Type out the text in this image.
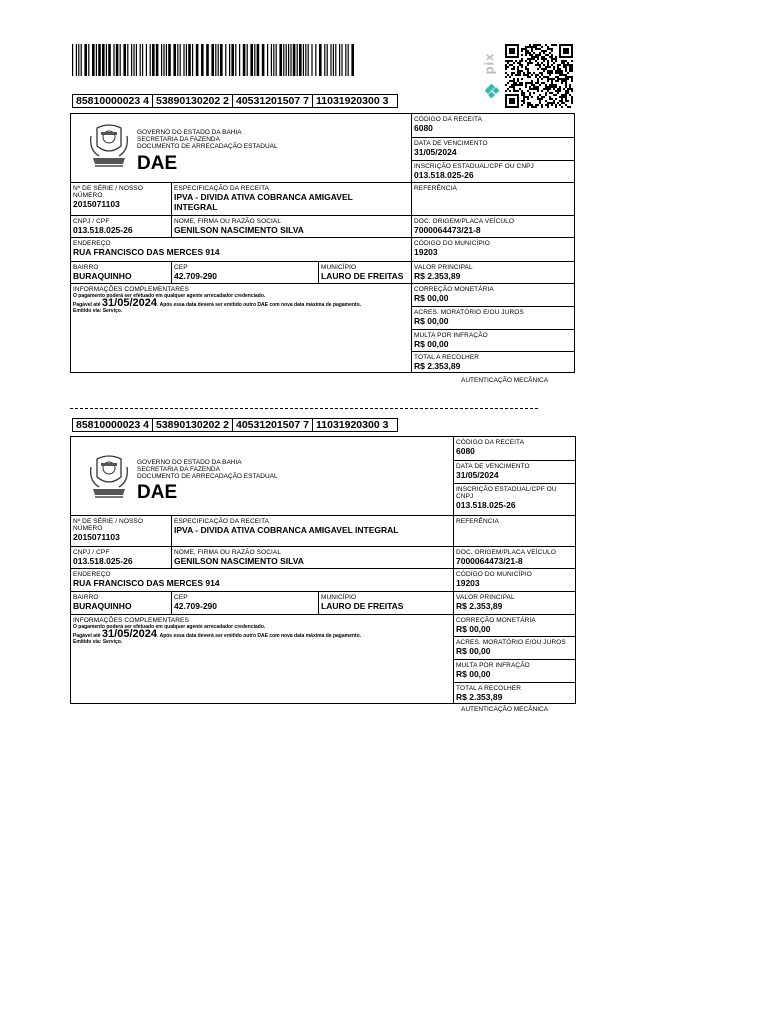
pix
85810000023 4 53890130202 2 40531201507 7 11031920300 3
GOVERNO DO ESTADO DA BAHIA
SECRETARIA DA FAZENDA
DOCUMENTO DE ARRECADAÇÃO ESTADUAL
DAE
CÓDIGO DA RECEITA
6080
DATA DE VENCIMENTO
31/05/2024
INSCRIÇÃO ESTADUAL/CPF OU CNPJ
013.518.025-26
Nº DE SÉRIE / NOSSO NÚMERO
2015071103
ESPECIFICAÇÃO DA RECEITA
IPVA - DIVIDA ATIVA COBRANCA AMIGAVEL INTEGRAL
REFERÊNCIA
CNPJ / CPF
013.518.025-26
NOME, FIRMA OU RAZÃO SOCIAL
GENILSON NASCIMENTO SILVA
DOC. ORIGEM/PLACA VEÍCULO
7000064473/21-8
ENDEREÇO
RUA FRANCISCO DAS MERCES 914
CÓDIGO DO MUNICÍPIO
19203
BAIRRO
BURAQUINHO
CEP
42.709-290
MUNICÍPIO
LAURO DE FREITAS
VALOR PRINCIPAL
R$ 2.353,89
INFORMAÇÕES COMPLEMENTARES
O pagamento poderá ser efetuado em qualquer agente arrecadador credenciado.
Pagável até 31/05/2024. Após essa data deverá ser emitido outro DAE com nova data máxima de pagamento.
Emitido via: Serviço.
CORREÇÃO MONETÁRIA
R$ 00,00
ACRES. MORATÓRIO E/OU JUROS
R$ 00,00
MULTA POR INFRAÇÃO
R$ 00,00
TOTAL A RECOLHER
R$ 2.353,89
AUTENTICAÇÃO MECÂNICA
85810000023 4 53890130202 2 40531201507 7 11031920300 3
GOVERNO DO ESTADO DA BAHIA
SECRETARIA DA FAZENDA
DOCUMENTO DE ARRECADAÇÃO ESTADUAL
DAE
CÓDIGO DA RECEITA
6080
DATA DE VENCIMENTO
31/05/2024
INSCRIÇÃO ESTADUAL/CPF OU CNPJ
013.518.025-26
Nº DE SÉRIE / NOSSO NÚMERO
2015071103
ESPECIFICAÇÃO DA RECEITA
IPVA - DIVIDA ATIVA COBRANCA AMIGAVEL INTEGRAL
REFERÊNCIA
CNPJ / CPF
013.518.025-26
NOME, FIRMA OU RAZÃO SOCIAL
GENILSON NASCIMENTO SILVA
DOC. ORIGEM/PLACA VEÍCULO
7000064473/21-8
ENDEREÇO
RUA FRANCISCO DAS MERCES 914
CÓDIGO DO MUNICÍPIO
19203
BAIRRO
BURAQUINHO
CEP
42.709-290
MUNICÍPIO
LAURO DE FREITAS
VALOR PRINCIPAL
R$ 2.353,89
INFORMAÇÕES COMPLEMENTARES
O pagamento poderá ser efetuado em qualquer agente arrecadador credenciado.
Pagável até 31/05/2024. Após essa data deverá ser emitido outro DAE com nova data máxima de pagamento.
Emitido via: Serviço.
CORREÇÃO MONETÁRIA
R$ 00,00
ACRES. MORATÓRIO E/OU JUROS
R$ 00,00
MULTA POR INFRAÇÃO
R$ 00,00
TOTAL A RECOLHER
R$ 2.353,89
AUTENTICAÇÃO MECÂNICA
